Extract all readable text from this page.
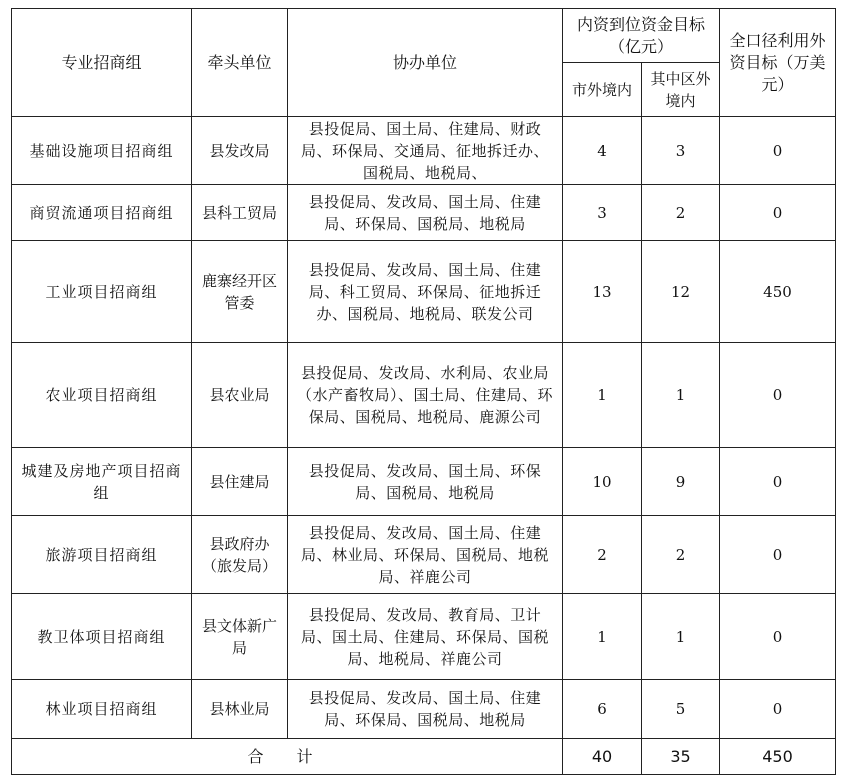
专业招商组	牵头单位	协办单位	内资到位资金目标（亿元）		全口径利用外资目标（万美元）
			市外境内	其中区外境内	
基础设施项目招商组	县发改局	县投促局、国土局、住建局、财政局、环保局、交通局、征地拆迁办、国税局、地税局、	4	3	0
商贸流通项目招商组	县科工贸局	县投促局、发改局、国土局、住建局、环保局、国税局、地税局	3	2	0
工业项目招商组	鹿寨经开区管委	县投促局、发改局、国土局、住建局、科工贸局、环保局、征地拆迁办、国税局、地税局、联发公司	13	12	450
农业项目招商组	县农业局	县投促局、发改局、水利局、农业局（水产畜牧局）、国土局、住建局、环保局、国税局、地税局、鹿源公司	1	1	0
城建及房地产项目招商组	县住建局	县投促局、发改局、国土局、环保局、国税局、地税局	10	9	0
旅游项目招商组	县政府办（旅发局）	县投促局、发改局、国土局、住建局、林业局、环保局、国税局、地税局、祥鹿公司	2	2	0
教卫体项目招商组	县文体新广局	县投促局、发改局、教育局、卫计局、国土局、住建局、环保局、国税局、地税局、祥鹿公司	1	1	0
林业项目招商组	县林业局	县投促局、发改局、国土局、住建局、环保局、国税局、地税局	6	5	0
合 计			40	35	450
